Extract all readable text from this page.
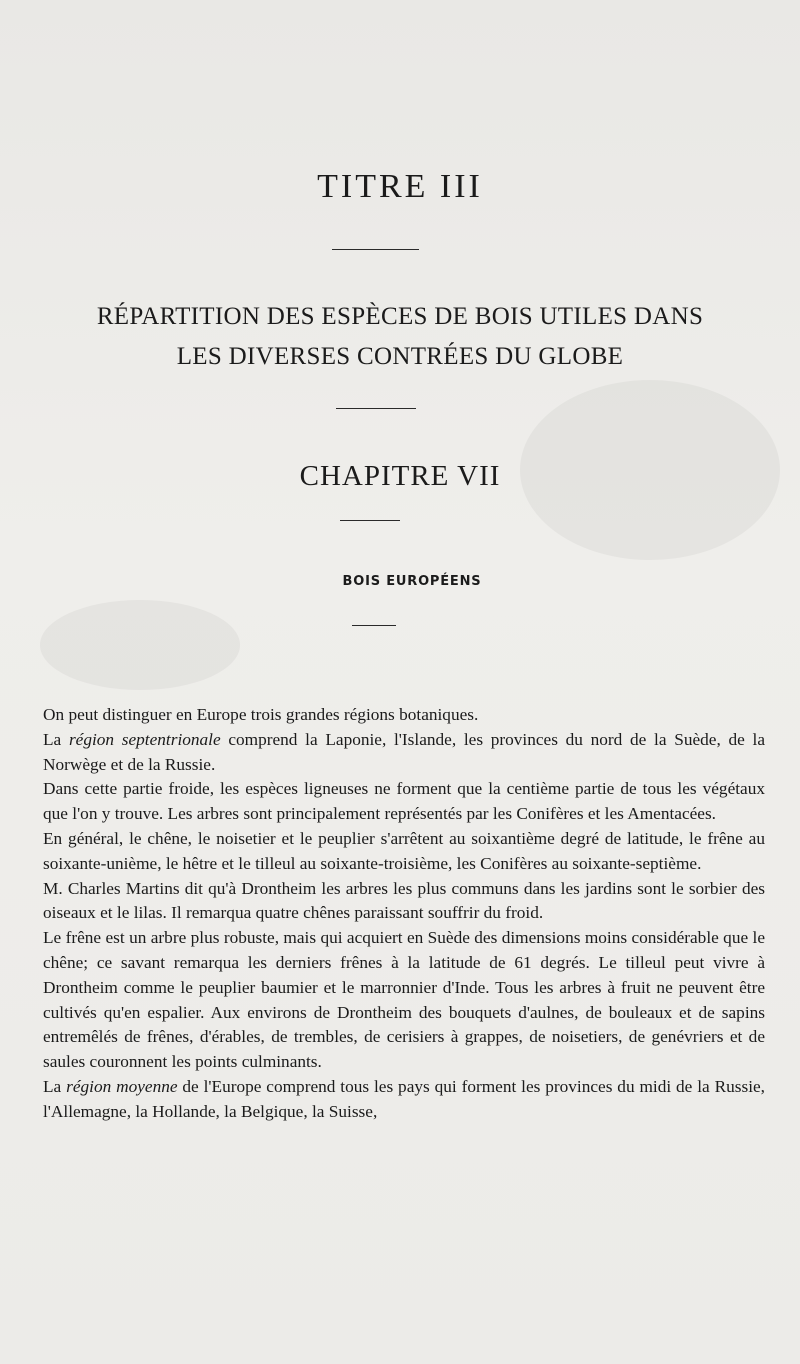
TITRE III
RÉPARTITION DES ESPÈCES DE BOIS UTILES DANS
LES DIVERSES CONTRÉES DU GLOBE
CHAPITRE VII
BOIS EUROPÉENS

On peut distinguer en Europe trois grandes régions botaniques.

La région septentrionale comprend la Laponie, l'Islande, les provinces du nord de la Suède, de la Norwège et de la Russie.

Dans cette partie froide, les espèces ligneuses ne forment que la centième partie de tous les végétaux que l'on y trouve. Les arbres sont principalement représentés par les Conifères et les Amentacées.

En général, le chêne, le noisetier et le peuplier s'arrêtent au soixantième degré de latitude, le frêne au soixante-unième, le hêtre et le tilleul au soixante-troisième, les Conifères au soixante-septième.

M. Charles Martins dit qu'à Drontheim les arbres les plus communs dans les jardins sont le sorbier des oiseaux et le lilas. Il remarqua quatre chênes paraissant souffrir du froid.

Le frêne est un arbre plus robuste, mais qui acquiert en Suède des dimensions moins considérable que le chêne; ce savant remarqua les derniers frênes à la latitude de 61 degrés. Le tilleul peut vivre à Drontheim comme le peuplier baumier et le marronnier d'Inde. Tous les arbres à fruit ne peuvent être cultivés qu'en espalier. Aux environs de Drontheim des bouquets d'aulnes, de bouleaux et de sapins entremêlés de frênes, d'érables, de trembles, de cerisiers à grappes, de noisetiers, de genévriers et de saules couronnent les points culminants.

La région moyenne de l'Europe comprend tous les pays qui forment les provinces du midi de la Russie, l'Allemagne, la Hollande, la Belgique, la Suisse,
